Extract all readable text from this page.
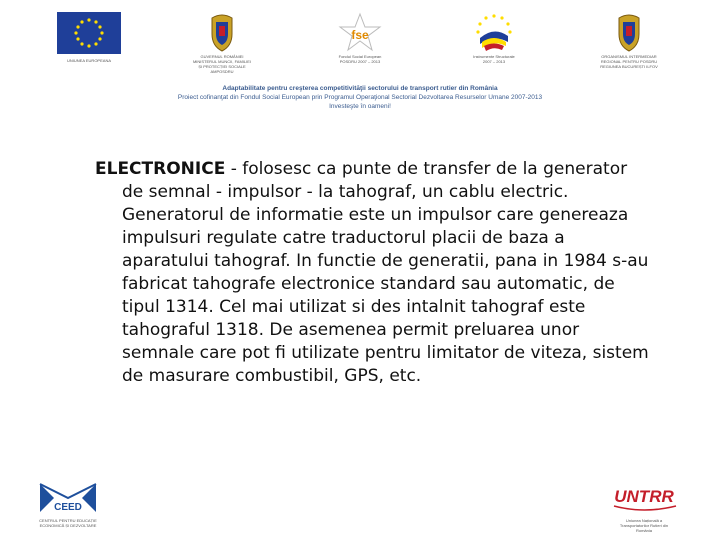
UNIUNEA EUROPEANA
GUVERNUL ROMÂNIEI
MINISTERUL MUNCII, FAMILIEI
ȘI PROTECȚIEI SOCIALE
AMPOSDRU
fse
Fondul Social European
POSDRU 2007 – 2013
Instrumente Structurale
2007 – 2013
ORGANISMUL INTERMEDIAR
REGIONAL PENTRU POSDRU
REGIUNEA BUCUREȘTI ILFOV
Adaptabilitate pentru creşterea competitivităţii sectorului de transport rutier din România
Proiect cofinanţat din Fondul Social European prin Programul Operaţional Sectorial Dezvoltarea Resurselor Umane 2007-2013
Investeşte în oameni!
ELECTRONICE - folosesc ca punte de transfer de la generator de semnal - impulsor - la tahograf, un cablu electric. Generatorul de informatie este un impulsor care genereaza impulsuri regulate catre traductorul placii de baza a aparatului tahograf. In functie de generatii, pana in 1984 s-au fabricat tahografe electronice standard sau automatic, de tipul 1314. Cel mai utilizat si des intalnit tahograf este tahograful 1318. De asemenea permit preluarea unor semnale care pot fi utilizate pentru limitator de viteza, sistem de masurare combustibil, GPS, etc.
CEED
CENTRUL PENTRU EDUCAȚIE
ECONOMICĂ ȘI DEZVOLTARE
UNTRR
Uniunea Națională a
Transportatorilor Rutieri din
România
